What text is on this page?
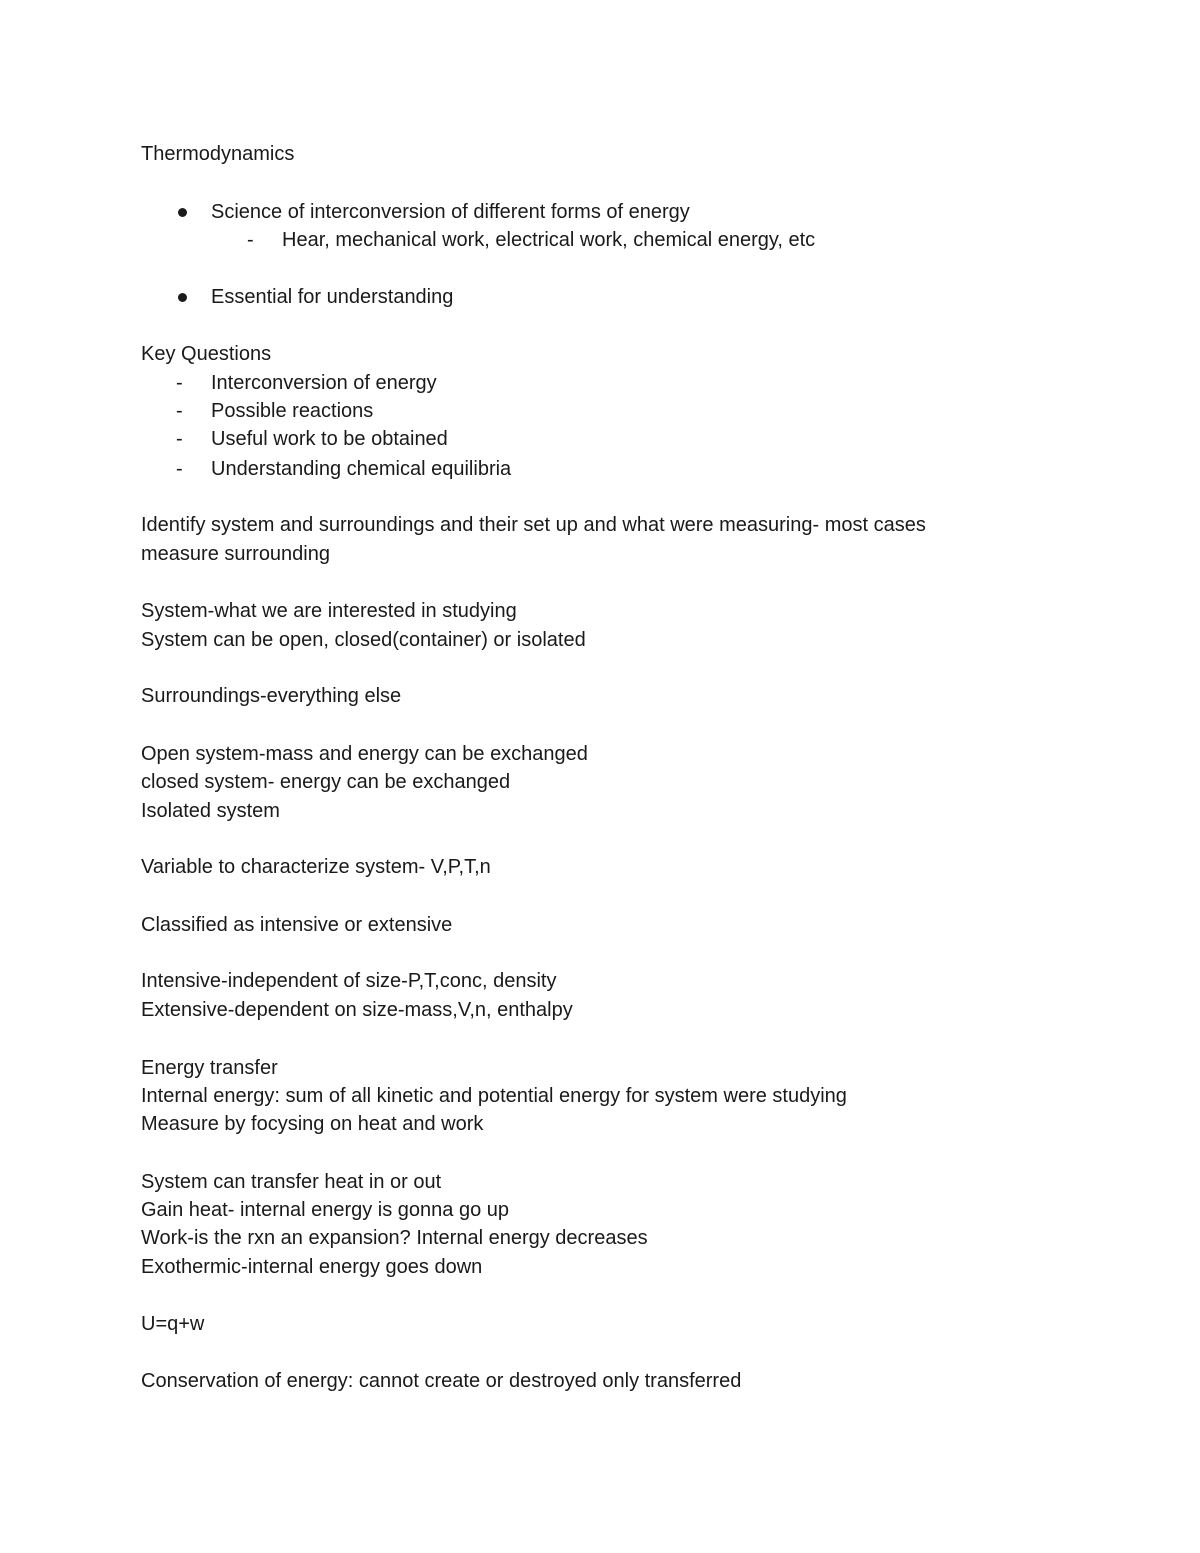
Thermodynamics
Science of interconversion of different forms of energy
- Hear, mechanical work, electrical work, chemical energy, etc
Essential for understanding
Key Questions
- Interconversion of energy
- Possible reactions
- Useful work to be obtained
- Understanding chemical equilibria
Identify system and surroundings and their set up and what were measuring- most cases
measure surrounding
System-what we are interested in studying
System can be open, closed(container) or isolated
Surroundings-everything else
Open system-mass and energy can be exchanged
closed system- energy can be exchanged
Isolated system
Variable to characterize system- V,P,T,n
Classified as intensive or extensive
Intensive-independent of size-P,T,conc, density
Extensive-dependent on size-mass,V,n, enthalpy
Energy transfer
Internal energy: sum of all kinetic and potential energy for system were studying
Measure by focysing on heat and work
System can transfer heat in or out
Gain heat- internal energy is gonna go up
Work-is the rxn an expansion? Internal energy decreases
Exothermic-internal energy goes down
U=q+w
Conservation of energy: cannot create or destroyed only transferred
